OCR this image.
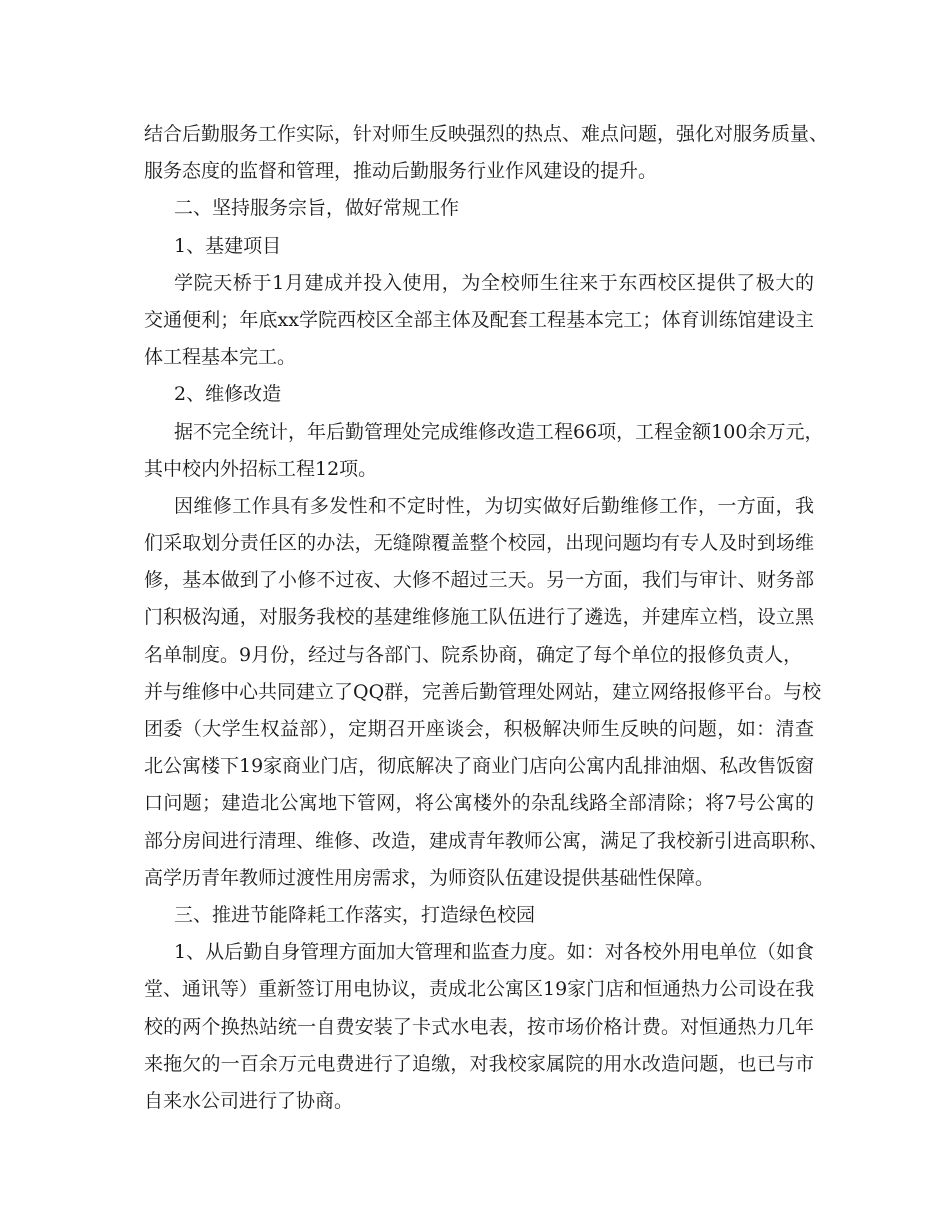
结合后勤服务工作实际，针对师生反映强烈的热点、难点问题，强化对服务质量、
服务态度的监督和管理，推动后勤服务行业作风建设的提升。
二、坚持服务宗旨，做好常规工作
1、基建项目
学院天桥于1月建成并投入使用，为全校师生往来于东西校区提供了极大的
交通便利；年底xx学院西校区全部主体及配套工程基本完工；体育训练馆建设主
体工程基本完工。
2、维修改造
据不完全统计，年后勤管理处完成维修改造工程66项，工程金额100余万元，
其中校内外招标工程12项。
因维修工作具有多发性和不定时性，为切实做好后勤维修工作，一方面，我
们采取划分责任区的办法，无缝隙覆盖整个校园，出现问题均有专人及时到场维
修，基本做到了小修不过夜、大修不超过三天。另一方面，我们与审计、财务部
门积极沟通，对服务我校的基建维修施工队伍进行了遴选，并建库立档，设立黑
名单制度。9月份，经过与各部门、院系协商，确定了每个单位的报修负责人，
并与维修中心共同建立了QQ群，完善后勤管理处网站，建立网络报修平台。与校
团委（大学生权益部），定期召开座谈会，积极解决师生反映的问题，如：清查
北公寓楼下19家商业门店，彻底解决了商业门店向公寓内乱排油烟、私改售饭窗
口问题；建造北公寓地下管网，将公寓楼外的杂乱线路全部清除；将7号公寓的
部分房间进行清理、维修、改造，建成青年教师公寓，满足了我校新引进高职称、
高学历青年教师过渡性用房需求，为师资队伍建设提供基础性保障。
三、推进节能降耗工作落实，打造绿色校园
1、从后勤自身管理方面加大管理和监查力度。如：对各校外用电单位（如食
堂、通讯等）重新签订用电协议，责成北公寓区19家门店和恒通热力公司设在我
校的两个换热站统一自费安装了卡式水电表，按市场价格计费。对恒通热力几年
来拖欠的一百余万元电费进行了追缴，对我校家属院的用水改造问题，也已与市
自来水公司进行了协商。
